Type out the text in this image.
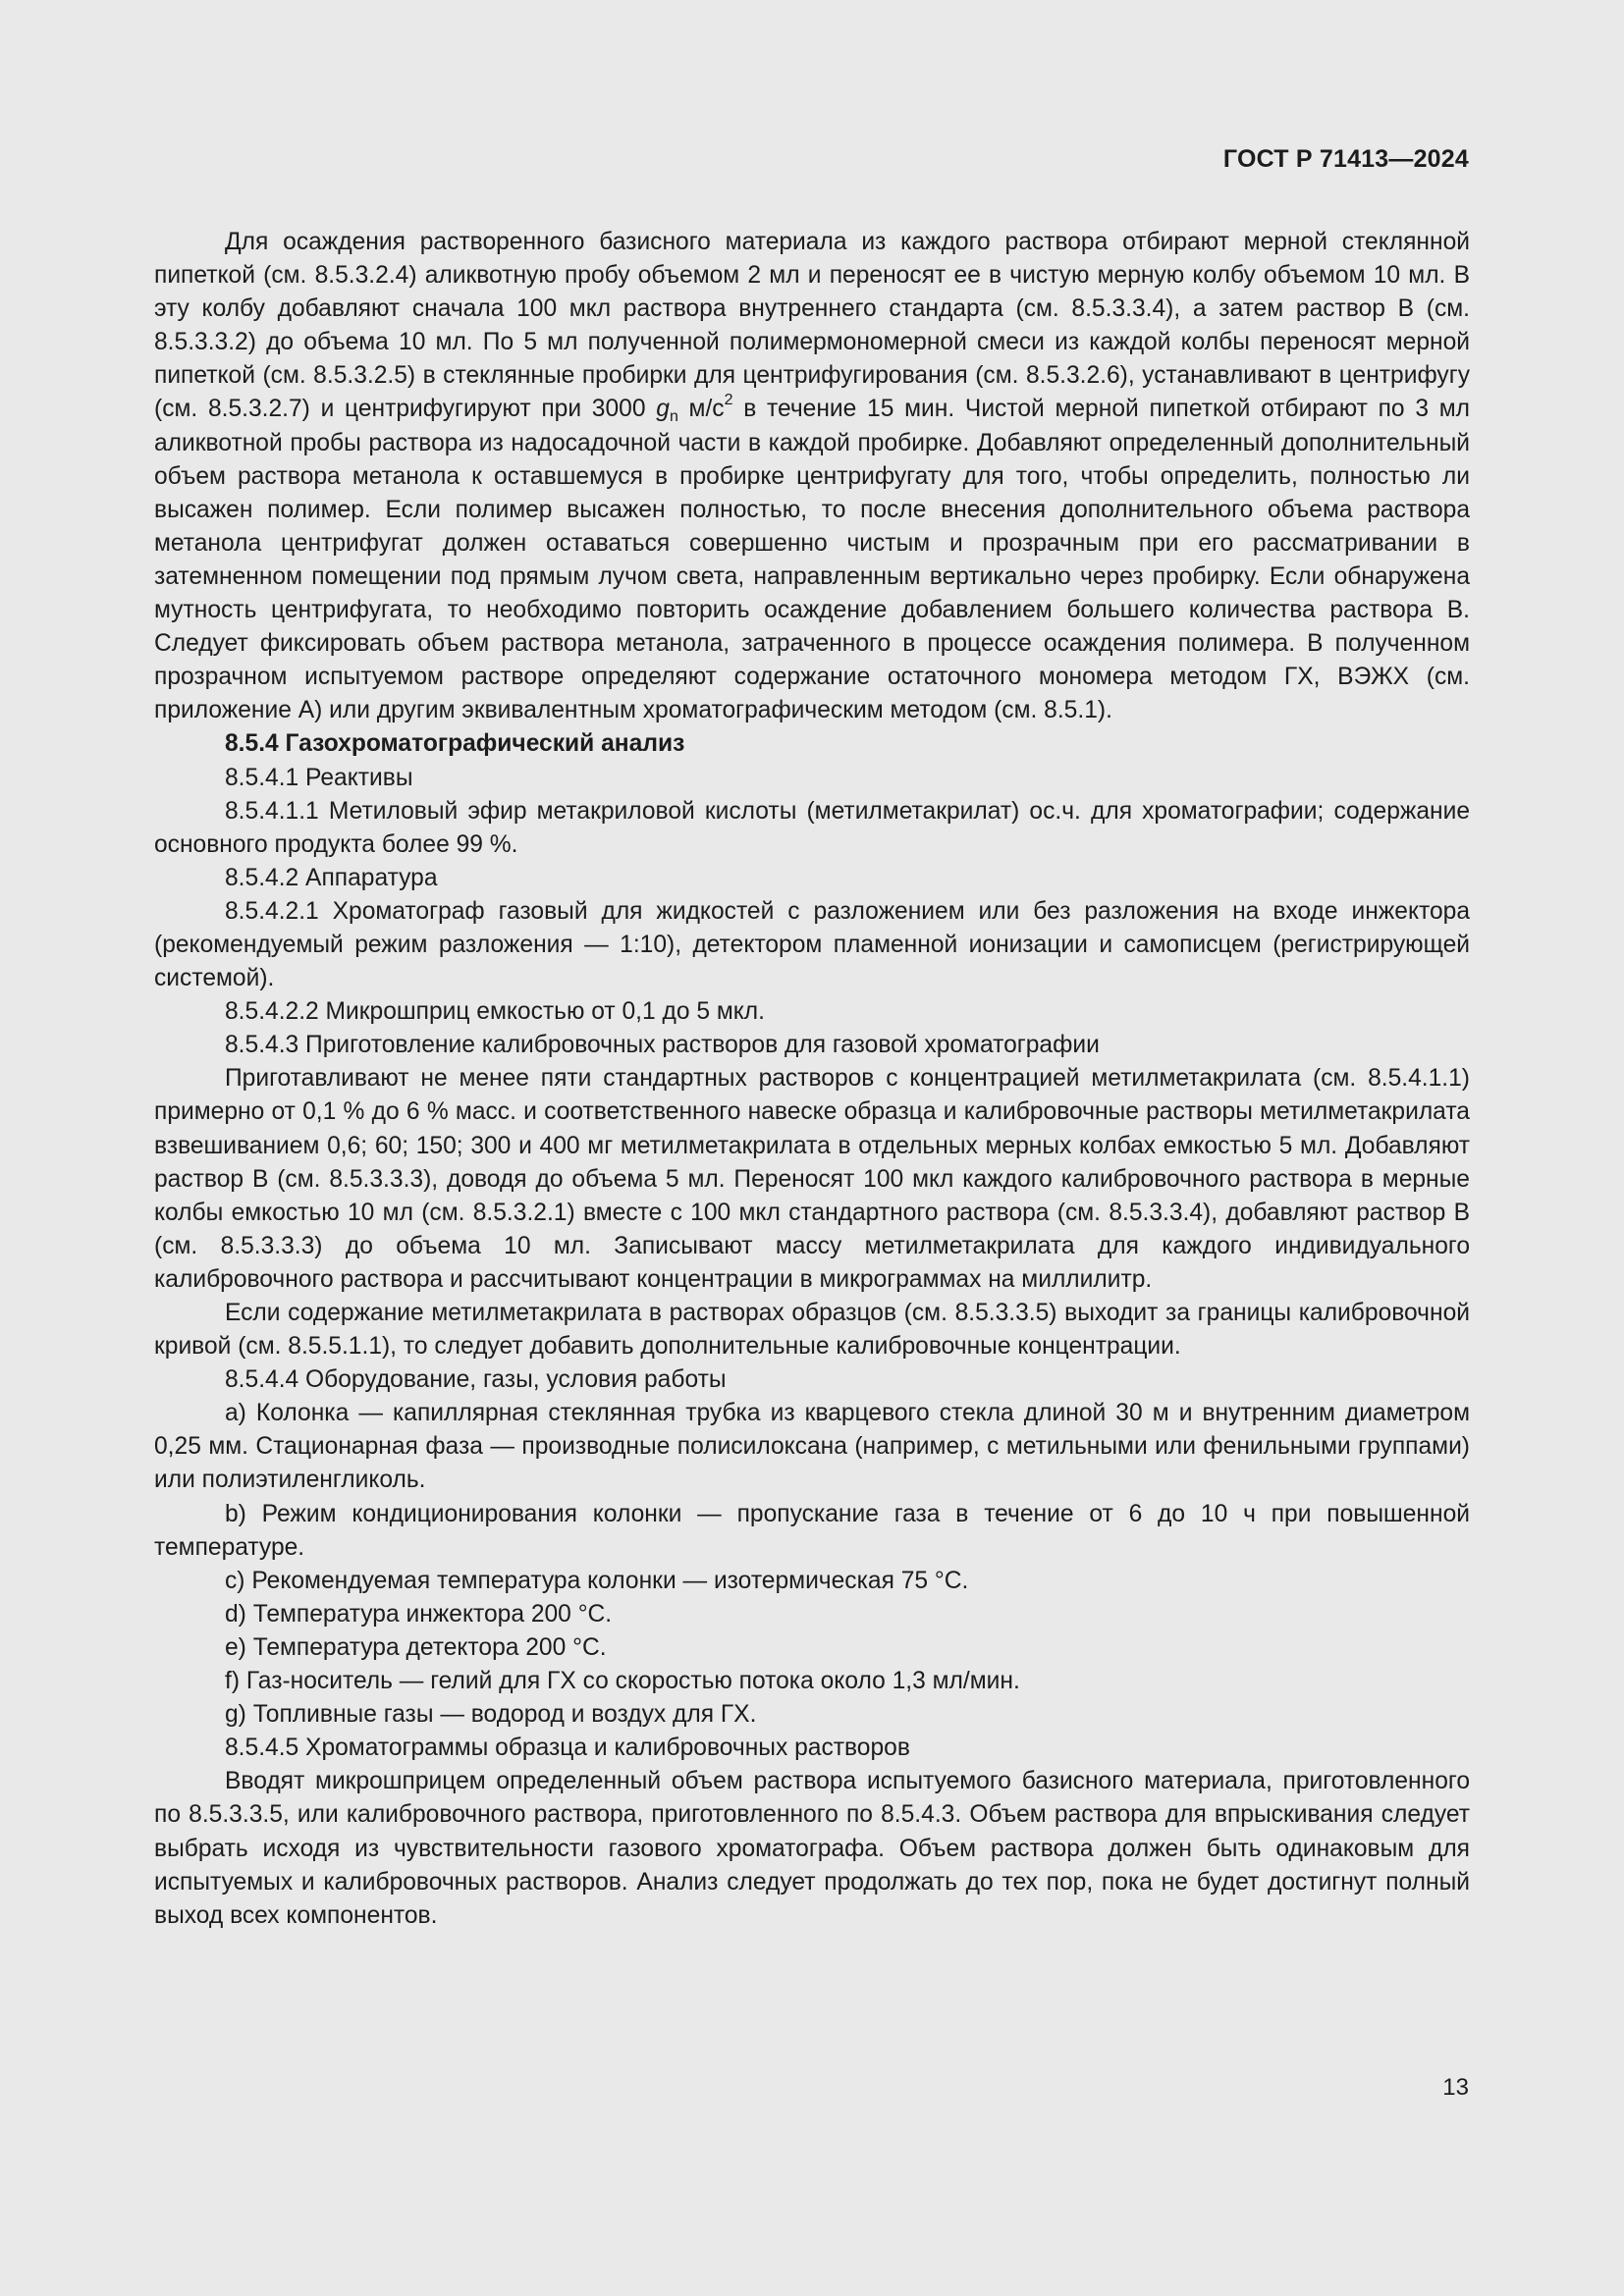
ГОСТ Р 71413—2024

Для осаждения растворенного базисного материала из каждого раствора отбирают мерной стеклянной пипеткой (см. 8.5.3.2.4) аликвотную пробу объемом 2 мл и переносят ее в чистую мерную колбу объемом 10 мл. В эту колбу добавляют сначала 100 мкл раствора внутреннего стандарта (см. 8.5.3.3.4), а затем раствор B (см. 8.5.3.3.2) до объема 10 мл. По 5 мл полученной полимермономерной смеси из каждой колбы переносят мерной пипеткой (см. 8.5.3.2.5) в стеклянные пробирки для центрифугирования (см. 8.5.3.2.6), устанавливают в центрифугу (см. 8.5.3.2.7) и центрифугируют при 3000 $g_n$ $м/с^2$ в течение 15 мин. Чистой мерной пипеткой отбирают по 3 мл аликвотной пробы раствора из надосадочной части в каждой пробирке. Добавляют определенный дополнительный объем раствора метанола к оставшемуся в пробирке центрифугату для того, чтобы определить, полностью ли высажен полимер. Если полимер высажен полностью, то после внесения дополнительного объема раствора метанола центрифугат должен оставаться совершенно чистым и прозрачным при его рассматривании в затемненном помещении под прямым лучом света, направленным вертикально через пробирку. Если обнаружена мутность центрифугата, то необходимо повторить осаждение добавлением большего количества раствора B. Следует фиксировать объем раствора метанола, затраченного в процессе осаждения полимера. В полученном прозрачном испытуемом растворе определяют содержание остаточного мономера методом ГХ, ВЭЖХ (см. приложение А) или другим эквивалентным хроматографическим методом (см. 8.5.1).

8.5.4 Газохроматографический анализ

8.5.4.1 Реактивы

8.5.4.1.1 Метиловый эфир метакриловой кислоты (метилметакрилат) ос.ч. для хроматографии; содержание основного продукта более 99 %.

8.5.4.2 Аппаратура

8.5.4.2.1 Хроматограф газовый для жидкостей с разложением или без разложения на входе инжектора (рекомендуемый режим разложения — 1:10), детектором пламенной ионизации и самописцем (регистрирующей системой).

8.5.4.2.2 Микрошприц емкостью от 0,1 до 5 мкл.

8.5.4.3 Приготовление калибровочных растворов для газовой хроматографии

Приготавливают не менее пяти стандартных растворов с концентрацией метилметакрилата (см. 8.5.4.1.1) примерно от 0,1 % до 6 % масс. и соответственного навеске образца и калибровочные растворы метилметакрилата взвешиванием 0,6; 60; 150; 300 и 400 мг метилметакрилата в отдельных мерных колбах емкостью 5 мл. Добавляют раствор B (см. 8.5.3.3.3), доводя до объема 5 мл. Переносят 100 мкл каждого калибровочного раствора в мерные колбы емкостью 10 мл (см. 8.5.3.2.1) вместе с 100 мкл стандартного раствора (см. 8.5.3.3.4), добавляют раствор B (см. 8.5.3.3.3) до объема 10 мл. Записывают массу метилметакрилата для каждого индивидуального калибровочного раствора и рассчитывают концентрации в микрограммах на миллилитр.

Если содержание метилметакрилата в растворах образцов (см. 8.5.3.3.5) выходит за границы калибровочной кривой (см. 8.5.5.1.1), то следует добавить дополнительные калибровочные концентрации.

8.5.4.4 Оборудование, газы, условия работы

a) Колонка — капиллярная стеклянная трубка из кварцевого стекла длиной 30 м и внутренним диаметром 0,25 мм. Стационарная фаза — производные полисилоксана (например, с метильными или фенильными группами) или полиэтиленгликоль.

b) Режим кондиционирования колонки — пропускание газа в течение от 6 до 10 ч при повышенной температуре.

c) Рекомендуемая температура колонки — изотермическая 75 °C.

d) Температура инжектора 200 °C.

e) Температура детектора 200 °C.

f) Газ-носитель — гелий для ГХ со скоростью потока около 1,3 мл/мин.

g) Топливные газы — водород и воздух для ГХ.

8.5.4.5 Хроматограммы образца и калибровочных растворов

Вводят микрошприцем определенный объем раствора испытуемого базисного материала, приготовленного по 8.5.3.3.5, или калибровочного раствора, приготовленного по 8.5.4.3. Объем раствора для впрыскивания следует выбрать исходя из чувствительности газового хроматографа. Объем раствора должен быть одинаковым для испытуемых и калибровочных растворов. Анализ следует продолжать до тех пор, пока не будет достигнут полный выход всех компонентов.

13
